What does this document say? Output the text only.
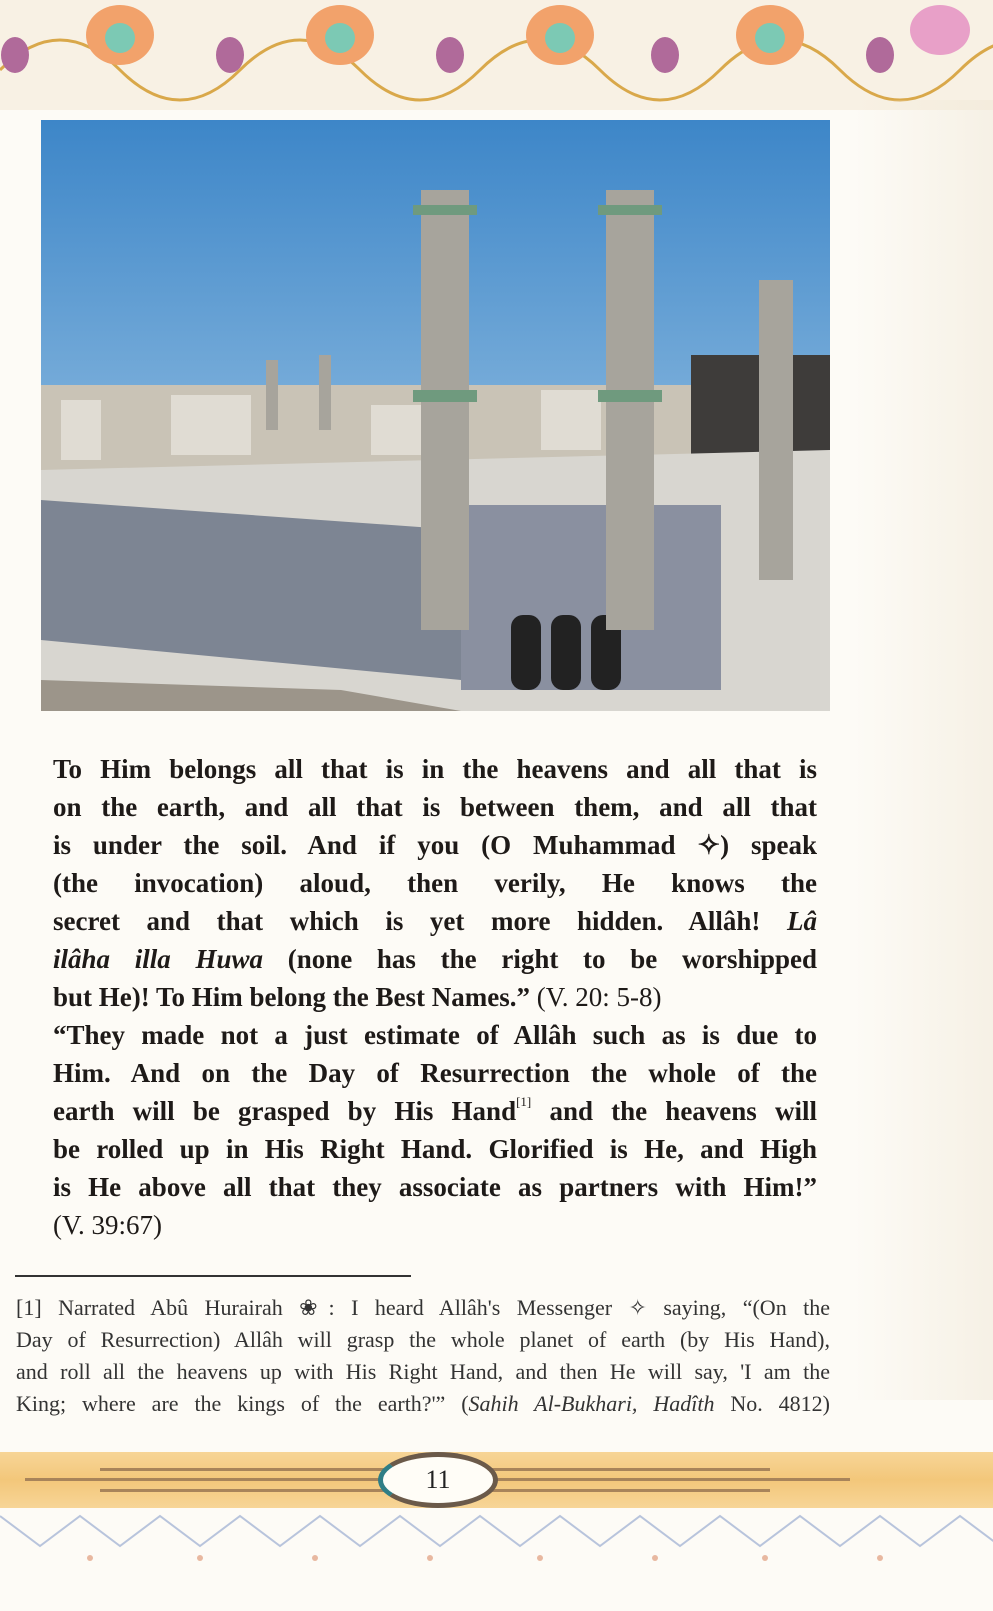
To Him belongs all that is in the heavens and all that is
on the earth, and all that is between them, and all that
is under the soil. And if you (O Muhammad ✧) speak
(the invocation) aloud, then verily, He knows the
secret and that which is yet more hidden. Allâh! Lâ
ilâha illa Huwa (none has the right to be worshipped
but He)! To Him belong the Best Names.” (V. 20: 5-8)
“They made not a just estimate of Allâh such as is due to
Him. And on the Day of Resurrection the whole of the
earth will be grasped by His Hand[1] and the heavens will
be rolled up in His Right Hand. Glorified is He, and High
is He above all that they associate as partners with Him!”
(V. 39:67)
[1] Narrated Abû Hurairah ❀: I heard Allâh's Messenger ✧ saying, “(On the
Day of Resurrection) Allâh will grasp the whole planet of earth (by His Hand),
and roll all the heavens up with His Right Hand, and then He will say, 'I am the
King; where are the kings of the earth?'” (Sahih Al-Bukhari, Hadîth No. 4812)
11
